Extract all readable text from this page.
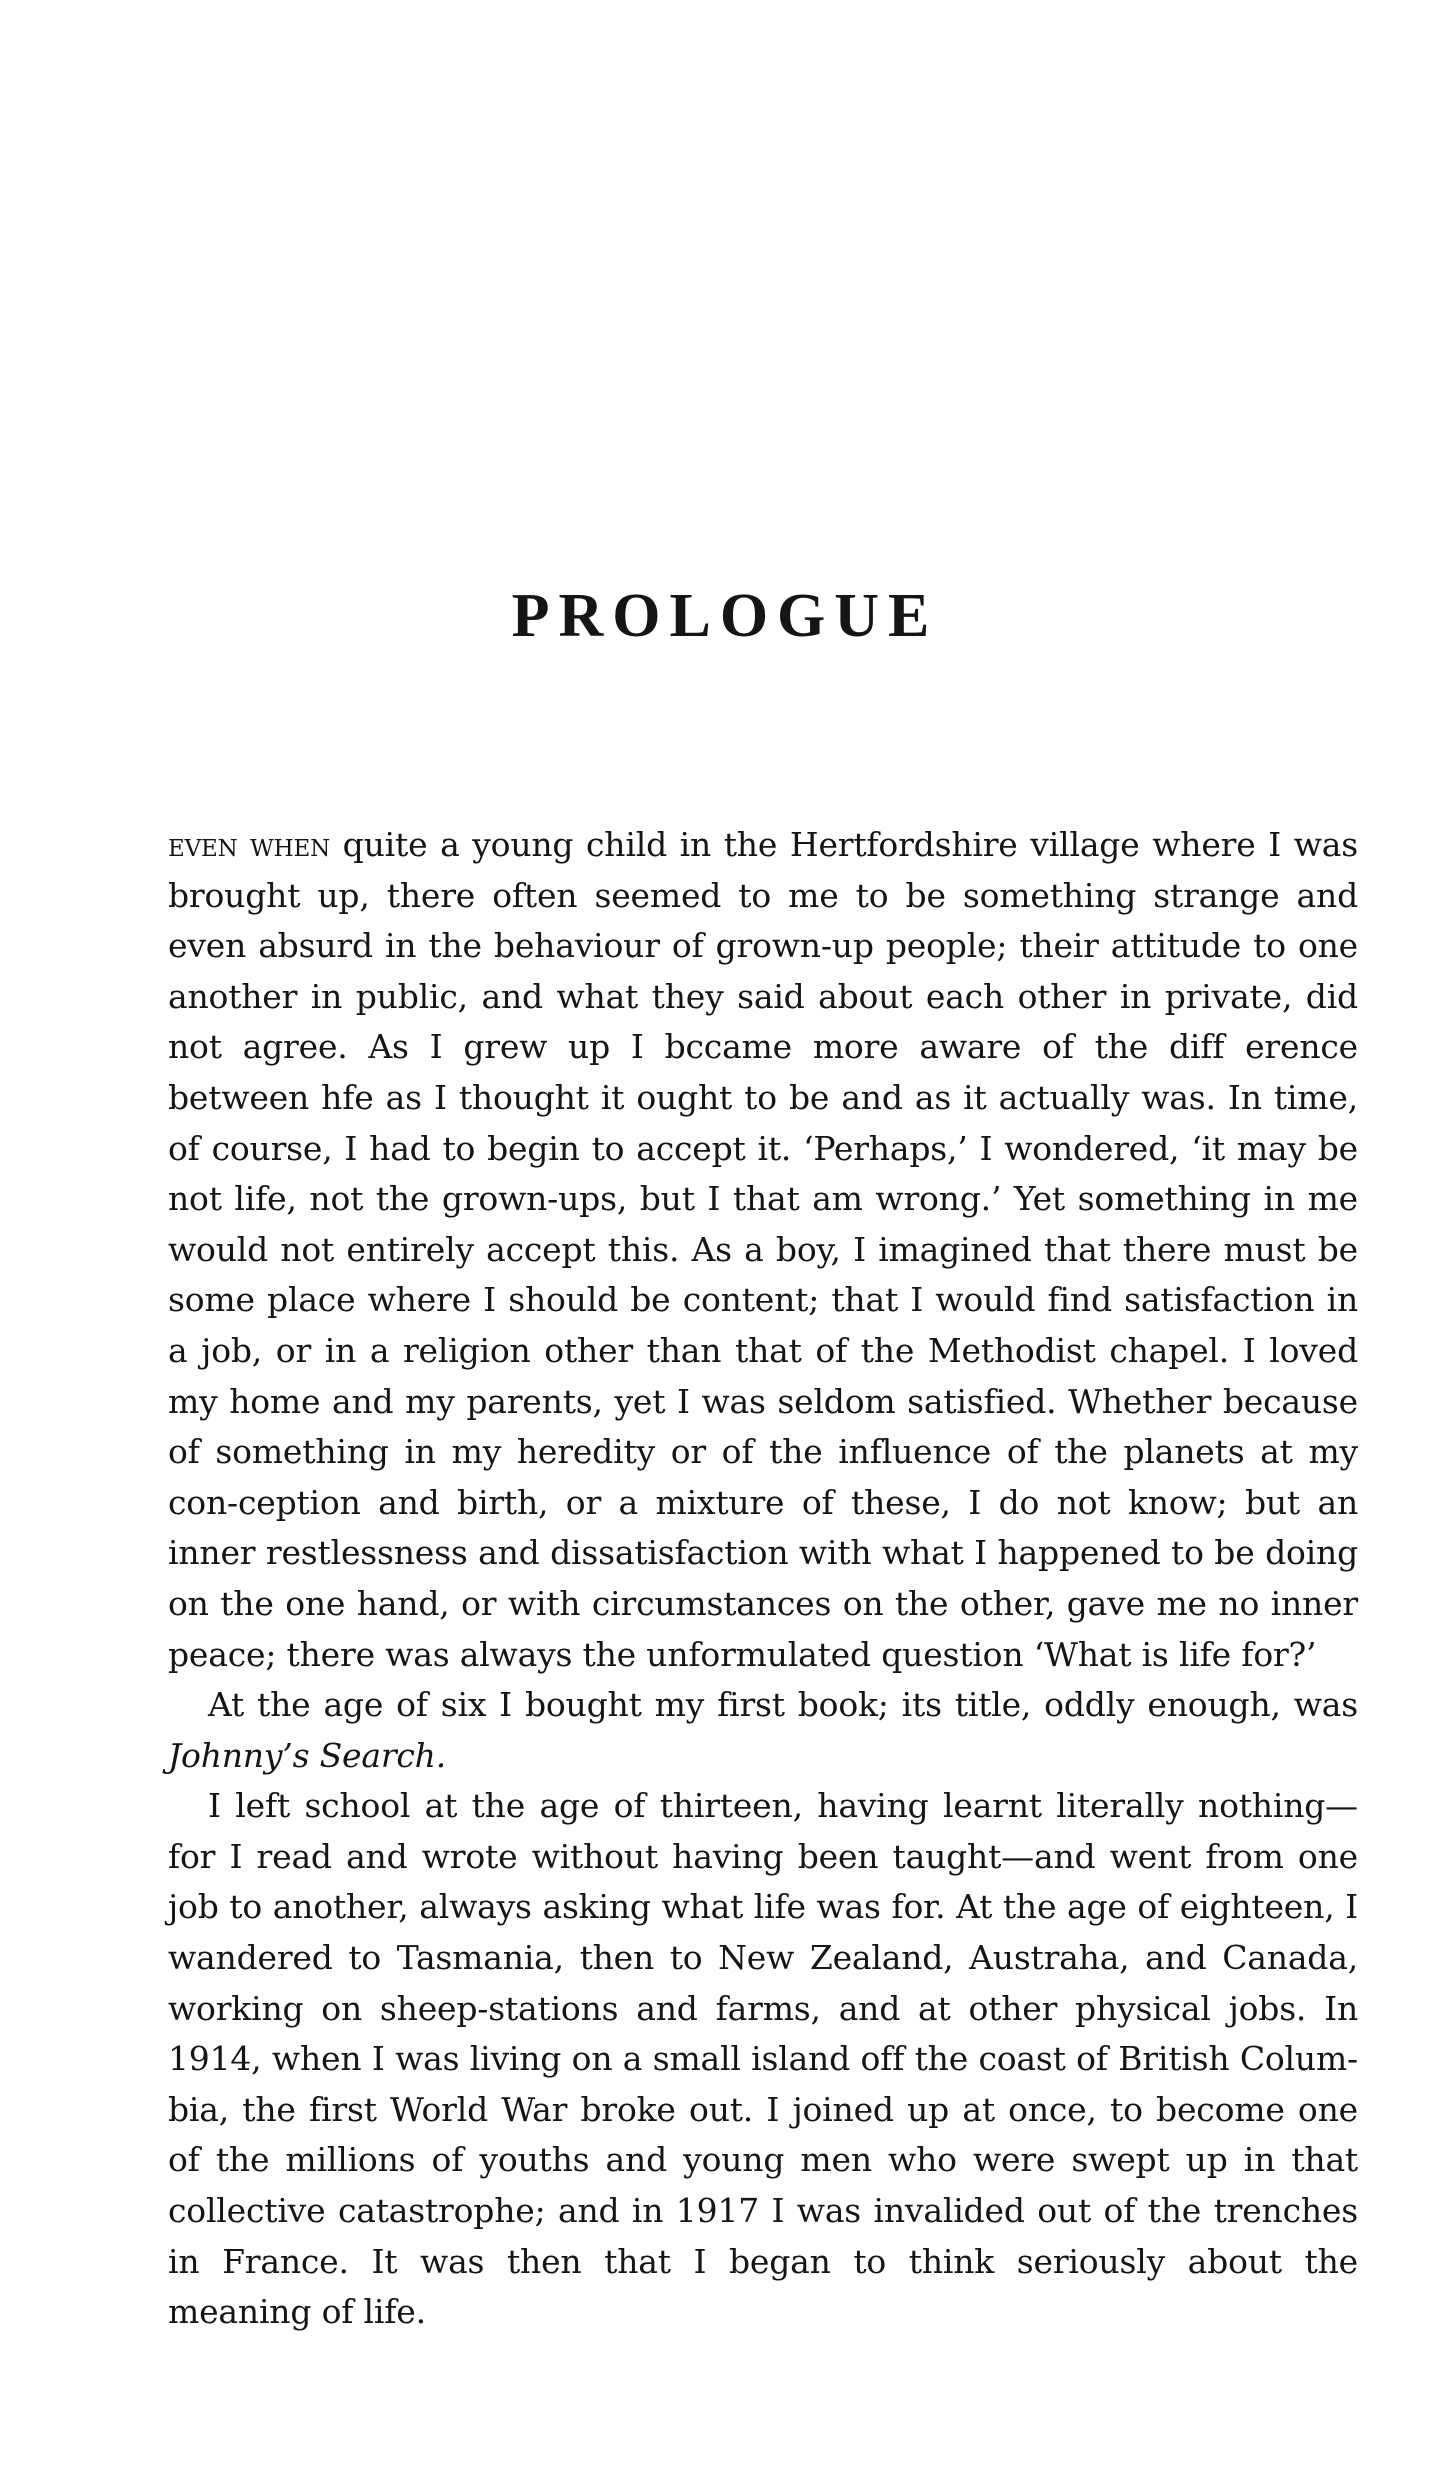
PROLOGUE

even when quite a young child in the Hertfordshire village where I was brought up, there often seemed to me to be something strange and even absurd in the behaviour of grown-up people; their attitude to one another in public, and what they said about each other in private, did not agree. As I grew up I bccame more aware of the diff erence between hfe as I thought it ought to be and as it actually was. In time, of course, I had to begin to accept it. ‘Perhaps,’ I wondered, ‘it may be not life, not the grown-ups, but I that am wrong.’ Yet something in me would not entirely accept this. As a boy, I imagined that there must be some place where I should be content; that I would find satisfaction in a job, or in a religion other than that of the Methodist chapel. I loved my home and my parents, yet I was seldom satisfied. Whether because of something in my heredity or of the influence of the planets at my con-ception and birth, or a mixture of these, I do not know; but an inner restlessness and dissatisfaction with what I happened to be doing on the one hand, or with circumstances on the other, gave me no inner peace; there was always the unformulated question ‘What is life for?’

At the age of six I bought my first book; its title, oddly enough, was Johnny’s Search.

I left school at the age of thirteen, having learnt literally nothing—for I read and wrote without having been taught—and went from one job to another, always asking what life was for. At the age of eighteen, I wandered to Tasmania, then to New Zealand, Austraha, and Canada, working on sheep-stations and farms, and at other physical jobs. In 1914, when I was living on a small island off the coast of British Colum-bia, the first World War broke out. I joined up at once, to become one of the millions of youths and young men who were swept up in that collective catastrophe; and in 1917 I was invalided out of the trenches in France. It was then that I began to think seriously about the meaning of life.
